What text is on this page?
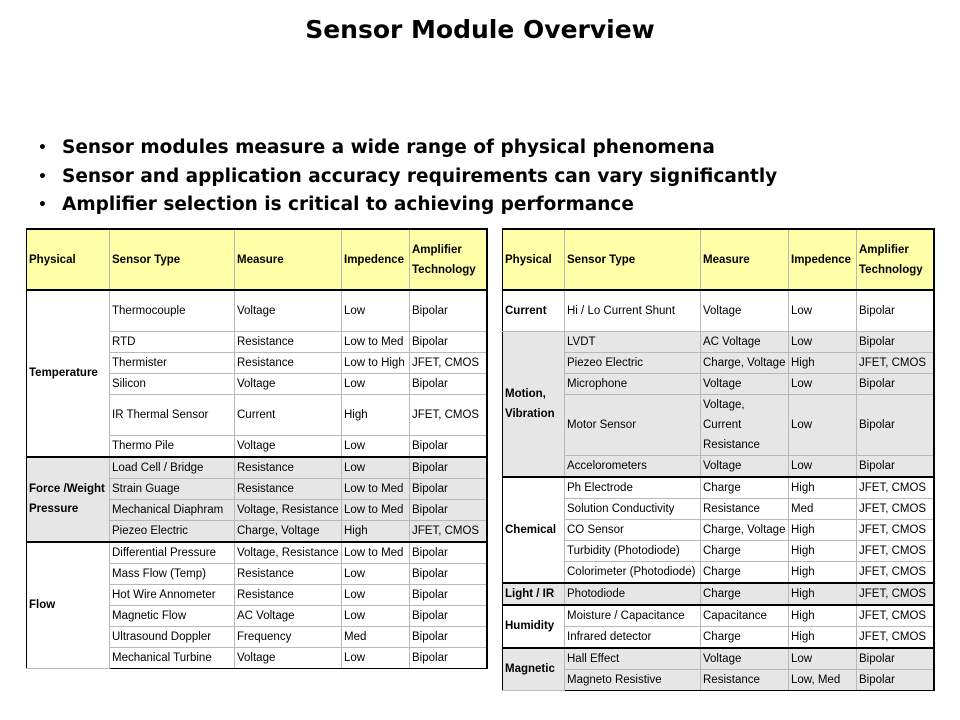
Sensor Module Overview
• Sensor modules measure a wide range of physical phenomena
• Sensor and application accuracy requirements can vary significantly
• Amplifier selection is critical to achieving performance
Physical	Sensor Type	Measure	Impedence	Amplifier Technology
Temperature	Thermocouple	Voltage	Low	Bipolar
	RTD	Resistance	Low to Med	Bipolar
	Thermister	Resistance	Low to High	JFET, CMOS
	Silicon	Voltage	Low	Bipolar
	IR Thermal Sensor	Current	High	JFET, CMOS
	Thermo Pile	Voltage	Low	Bipolar
Force /Weight Pressure	Load Cell / Bridge	Resistance	Low	Bipolar
	Strain Guage	Resistance	Low to Med	Bipolar
	Mechanical Diaphram	Voltage, Resistance	Low to Med	Bipolar
	Piezeo Electric	Charge, Voltage	High	JFET, CMOS
Flow	Differential Pressure	Voltage, Resistance	Low to Med	Bipolar
	Mass Flow (Temp)	Resistance	Low	Bipolar
	Hot Wire Annometer	Resistance	Low	Bipolar
	Magnetic Flow	AC Voltage	Low	Bipolar
	Ultrasound Doppler	Frequency	Med	Bipolar
	Mechanical Turbine	Voltage	Low	Bipolar
Physical	Sensor Type	Measure	Impedence	Amplifier Technology
Current	Hi / Lo Current Shunt	Voltage	Low	Bipolar
Motion, Vibration	LVDT	AC Voltage	Low	Bipolar
	Piezeo Electric	Charge, Voltage	High	JFET, CMOS
	Microphone	Voltage	Low	Bipolar
	Motor Sensor	Voltage, Current Resistance	Low	Bipolar
	Accelorometers	Voltage	Low	Bipolar
Chemical	Ph Electrode	Charge	High	JFET, CMOS
	Solution Conductivity	Resistance	Med	JFET, CMOS
	CO Sensor	Charge, Voltage	High	JFET, CMOS
	Turbidity (Photodiode)	Charge	High	JFET, CMOS
	Colorimeter (Photodiode)	Charge	High	JFET, CMOS
Light / IR	Photodiode	Charge	High	JFET, CMOS
Humidity	Moisture / Capacitance	Capacitance	High	JFET, CMOS
	Infrared detector	Charge	High	JFET, CMOS
Magnetic	Hall Effect	Voltage	Low	Bipolar
	Magneto Resistive	Resistance	Low, Med	Bipolar
